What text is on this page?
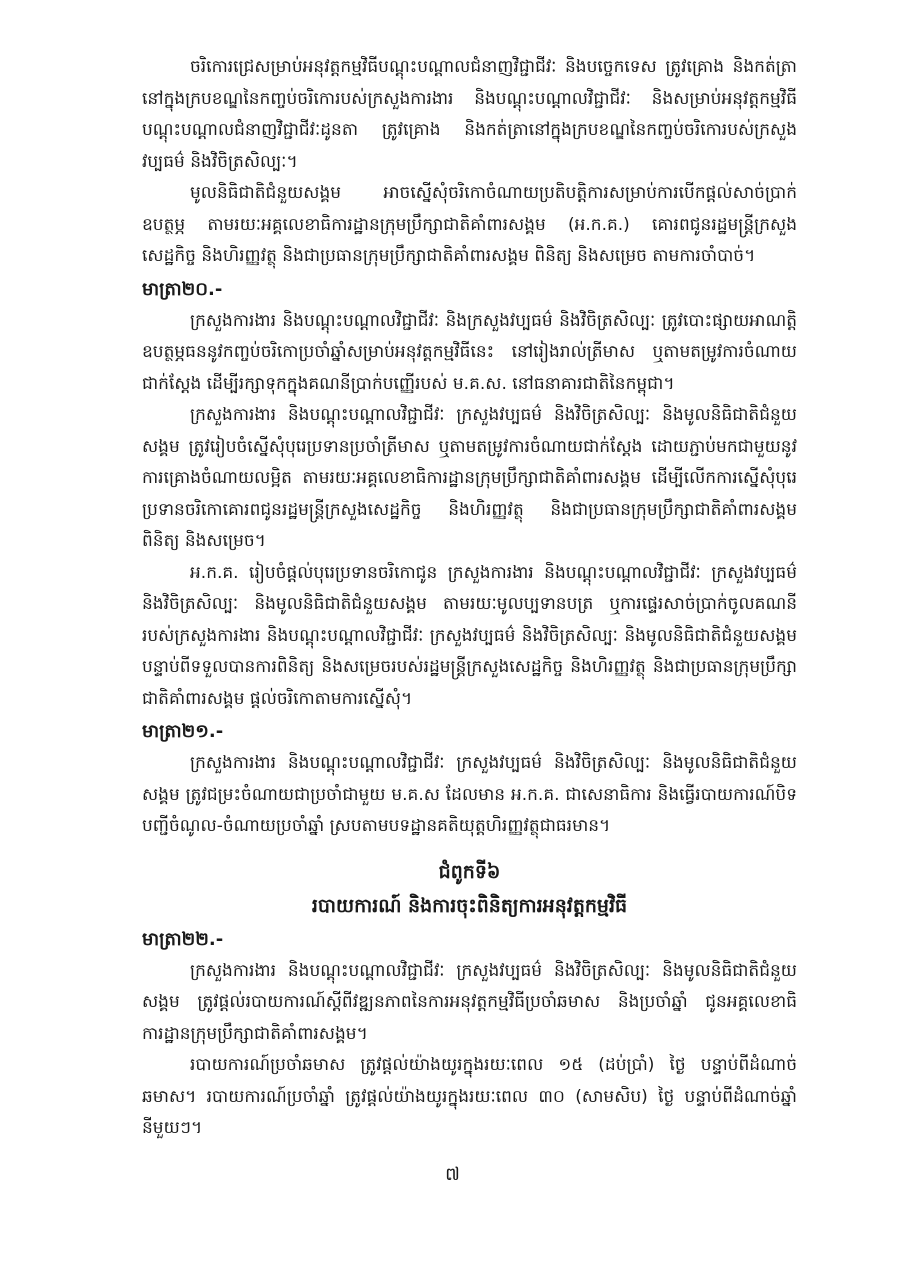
ចរិកោរជ្រេសម្រាប់អនុវត្តកម្មវិធីបណ្ដុះបណ្ដាលជំនាញវិជ្ជាជីវៈ និងបច្ចេកទេស ត្រូវគ្រោង និងកត់ត្រានៅក្នុងក្របខណ្ឌនៃកញ្ចប់ចរិកោរបស់ក្រសួងការងារ និងបណ្ដុះបណ្ដាលវិជ្ជាជីវៈ និងសម្រាប់អនុវត្តកម្មវិធីបណ្ដុះបណ្ដាលជំនាញវិជ្ជាជីវៈដូនតា ត្រូវគ្រោង និងកត់ត្រានៅក្នុងក្របខណ្ឌនៃកញ្ចប់ចរិកោរបស់ក្រសួងវប្បធម៌ និងវិចិត្រសិល្បៈ។

មូលនិធិជាតិជំនួយសង្គម អាចស្នើសុំចរិកោចំណាយប្រតិបត្តិការសម្រាប់ការបើកផ្ដល់សាច់ប្រាក់ឧបត្ថម្ភ តាមរយៈអគ្គលេខាធិការដ្ឋានក្រុមប្រឹក្សាជាតិគាំពារសង្គម (អ.ក.គ.) គោរពជូនរដ្ឋមន្ត្រីក្រសួងសេដ្ឋកិច្ច និងហិរញ្ញវត្ថុ និងជាប្រធានក្រុមប្រឹក្សាជាតិគាំពារសង្គម ពិនិត្យ និងសម្រេច តាមការចាំបាច់។

មាត្រា២០.-

ក្រសួងការងារ និងបណ្ដុះបណ្ដាលវិជ្ជាជីវៈ និងក្រសួងវប្បធម៌ និងវិចិត្រសិល្បៈ ត្រូវបោះផ្សាយអាណត្តិឧបត្ថម្ភធននូវកញ្ចប់ចរិកោប្រចាំឆ្នាំសម្រាប់អនុវត្តកម្មវិធីនេះ នៅរៀងរាល់ត្រីមាស ឬតាមតម្រូវការចំណាយជាក់ស្ដែង ដើម្បីរក្សាទុកក្នុងគណនីប្រាក់បញ្ញើរបស់ ម.គ.ស. នៅធនាគារជាតិនៃកម្ពុជា។

ក្រសួងការងារ និងបណ្ដុះបណ្ដាលវិជ្ជាជីវៈ ក្រសួងវប្បធម៌ និងវិចិត្រសិល្បៈ និងមូលនិធិជាតិជំនួយសង្គម ត្រូវរៀបចំស្នើសុំបុរេប្រទានប្រចាំត្រីមាស ឬតាមតម្រូវការចំណាយជាក់ស្ដែង ដោយភ្ជាប់មកជាមួយនូវការគ្រោងចំណាយលម្អិត តាមរយៈអគ្គលេខាធិការដ្ឋានក្រុមប្រឹក្សាជាតិគាំពារសង្គម ដើម្បីលើកការស្នើសុំបុរេប្រទានចរិកោគោរពជូនរដ្ឋមន្ត្រីក្រសួងសេដ្ឋកិច្ច និងហិរញ្ញវត្ថុ និងជាប្រធានក្រុមប្រឹក្សាជាតិគាំពារសង្គម ពិនិត្យ និងសម្រេច។

អ.ក.គ. រៀបចំផ្ដល់បុរេប្រទានចរិកោជូន ក្រសួងការងារ និងបណ្ដុះបណ្ដាលវិជ្ជាជីវៈ ក្រសួងវប្បធម៌ និងវិចិត្រសិល្បៈ និងមូលនិធិជាតិជំនួយសង្គម តាមរយៈមូលប្បទានបត្រ ឬការផ្ទេរសាច់ប្រាក់ចូលគណនីរបស់ក្រសួងការងារ និងបណ្ដុះបណ្ដាលវិជ្ជាជីវៈ ក្រសួងវប្បធម៌ និងវិចិត្រសិល្បៈ និងមូលនិធិជាតិជំនួយសង្គម បន្ទាប់ពីទទួលបានការពិនិត្យ និងសម្រេចរបស់រដ្ឋមន្ត្រីក្រសួងសេដ្ឋកិច្ច និងហិរញ្ញវត្ថុ និងជាប្រធានក្រុមប្រឹក្សាជាតិគាំពារសង្គម ផ្ដល់ចរិកោតាមការស្នើសុំ។

មាត្រា២១.-

ក្រសួងការងារ និងបណ្ដុះបណ្ដាលវិជ្ជាជីវៈ ក្រសួងវប្បធម៌ និងវិចិត្រសិល្បៈ និងមូលនិធិជាតិជំនួយសង្គម ត្រូវជម្រះចំណាយជាប្រចាំជាមួយ ម.គ.ស ដែលមាន អ.ក.គ. ជាសេនាធិការ និងធ្វើរបាយការណ៍បិទបញ្ជីចំណូល-ចំណាយប្រចាំឆ្នាំ ស្របតាមបទដ្ឋានគតិយុត្តហិរញ្ញវត្ថុជាធរមាន។

ជំពូកទី៦

របាយការណ៍ និងការចុះពិនិត្យការអនុវត្តកម្មវិធី

មាត្រា២២.-

ក្រសួងការងារ និងបណ្ដុះបណ្ដាលវិជ្ជាជីវៈ ក្រសួងវប្បធម៌ និងវិចិត្រសិល្បៈ និងមូលនិធិជាតិជំនួយសង្គម ត្រូវផ្ដល់របាយការណ៍ស្ដីពីវឌ្ឍនភាពនៃការអនុវត្តកម្មវិធីប្រចាំឆមាស និងប្រចាំឆ្នាំ ជូនអគ្គលេខាធិការដ្ឋានក្រុមប្រឹក្សាជាតិគាំពារសង្គម។

របាយការណ៍ប្រចាំឆមាស ត្រូវផ្ដល់យ៉ាងយូរក្នុងរយៈពេល ១៥ (ដប់ប្រាំ) ថ្ងៃ បន្ទាប់ពីដំណាច់ឆមាស។ របាយការណ៍ប្រចាំឆ្នាំ ត្រូវផ្ដល់យ៉ាងយូរក្នុងរយៈពេល ៣០ (សាមសិប) ថ្ងៃ បន្ទាប់ពីដំណាច់ឆ្នាំនីមួយៗ។

៧
